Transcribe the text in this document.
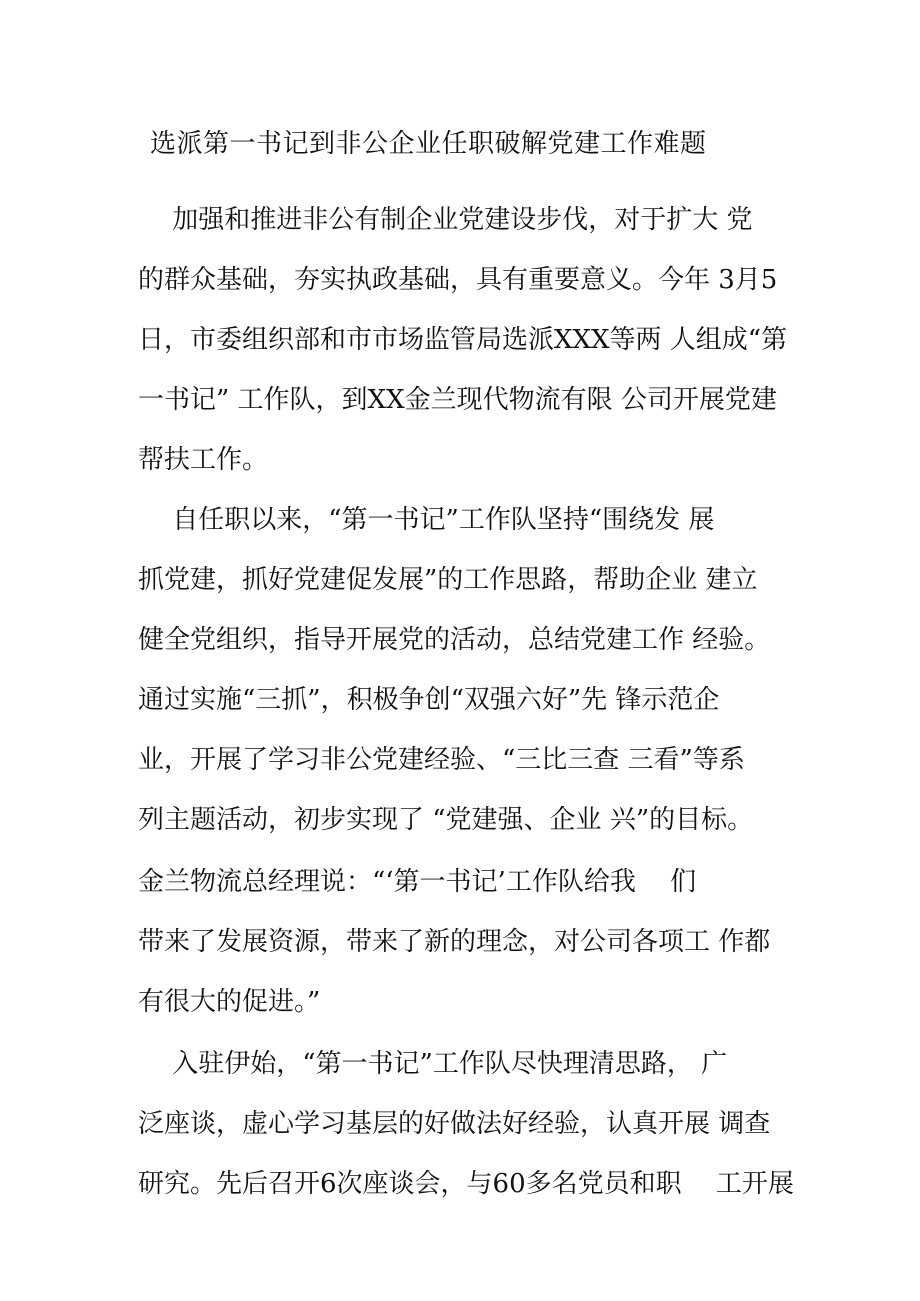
选派第一书记到非公企业任职破解党建工作难题
　 加强和推进非公有制企业党建设步伐，对于扩大 党
的群众基础，夯实执政基础，具有重要意义。今年 3月5
日，市委组织部和市市场监管局选派XXX等两 人组成“第
一书记” 工作队，到XX金兰现代物流有限 公司开展党建
帮扶工作。
　 自任职以来，“第一书记”工作队坚持“围绕发 展
抓党建，抓好党建促发展”的工作思路，帮助企业 建立
健全党组织，指导开展党的活动，总结党建工作 经验。
通过实施“三抓”，积极争创“双强六好”先 锋示范企
业，开展了学习非公党建经验、“三比三查 三看”等系
列主题活动，初步实现了 “党建强、企业 兴”的目标。
金兰物流总经理说：“‘第一书记’工作队给我　 们
带来了发展资源，带来了新的理念，对公司各项工 作都
有很大的促进。”
　 入驻伊始，“第一书记”工作队尽快理清思路， 广
泛座谈，虚心学习基层的好做法好经验，认真开展 调查
研究。先后召开6次座谈会，与60多名党员和职　 工开展
